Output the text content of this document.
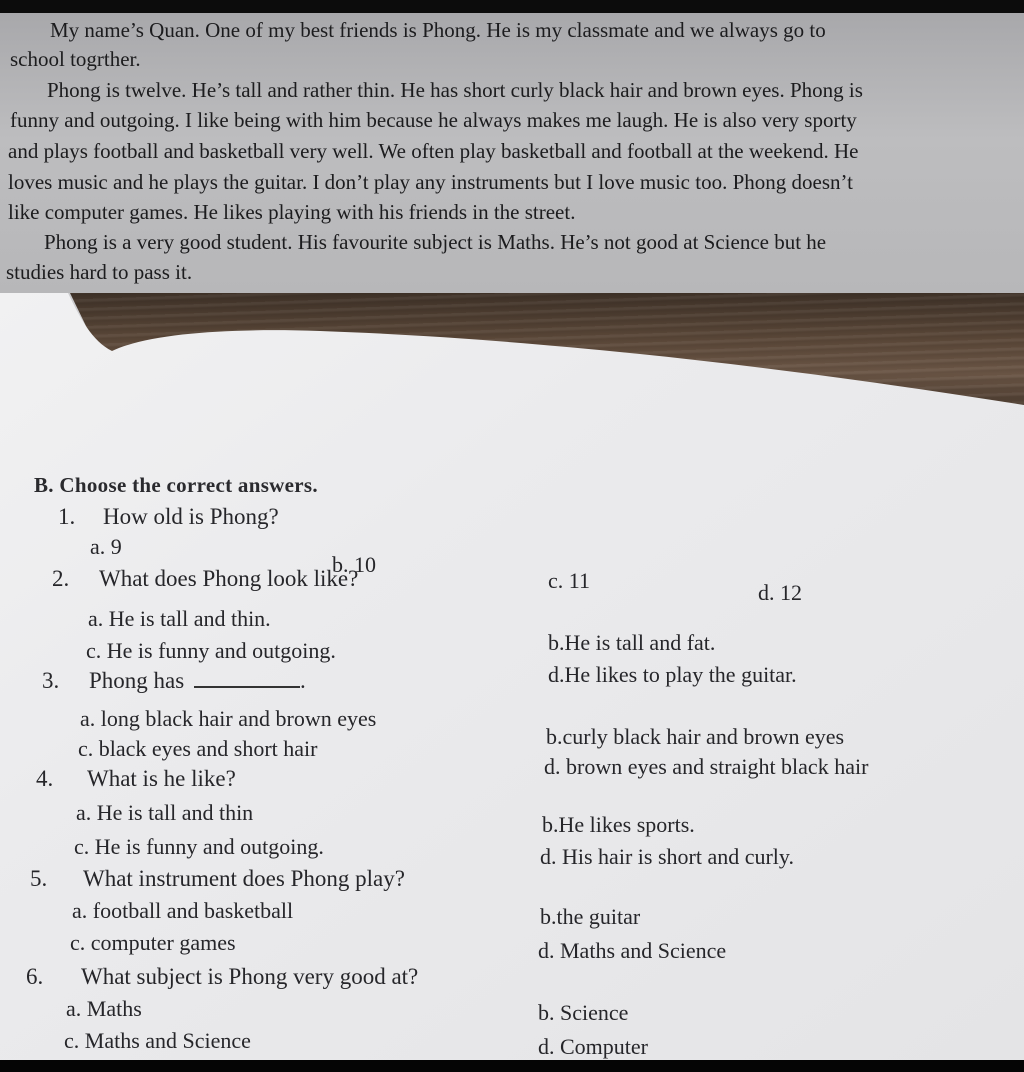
My name’s Quan. One of my best friends is Phong. He is my classmate and we always go to
school togrther.
Phong is twelve. He’s tall and rather thin. He has short curly black hair and brown eyes. Phong is
funny and outgoing. I like being with him because he always makes me laugh. He is also very sporty
and plays football and basketball very well. We often play basketball and football at the weekend. He
loves music and he plays the guitar. I don’t play any instruments but I love music too. Phong doesn’t
like computer games. He likes playing with his friends in the street.
Phong is a very good student. His favourite subject is Maths. He’s not good at Science but he
studies hard to pass it.
B. Choose the correct answers.
1. How old is Phong?
a. 9
b. 10
c. 11	d. 12
2. What does Phong look like?
a. He is tall and thin.
b.He is tall and fat.
c. He is funny and outgoing.
d.He likes to play the guitar.
3. Phong has	.
a. long black hair and brown eyes
b.curly black hair and brown eyes
c. black eyes and short hair
d. brown eyes and straight black hair
4. What is he like?
a. He is tall and thin	b.He likes sports.
c. He is funny and outgoing.	d. His hair is short and curly.
5. What instrument does Phong play?
a. football and basketball	b.the guitar
c. computer games	d. Maths and Science
6. What subject is Phong very good at?
a. Maths	b. Science
c. Maths and Science	d. Computer
